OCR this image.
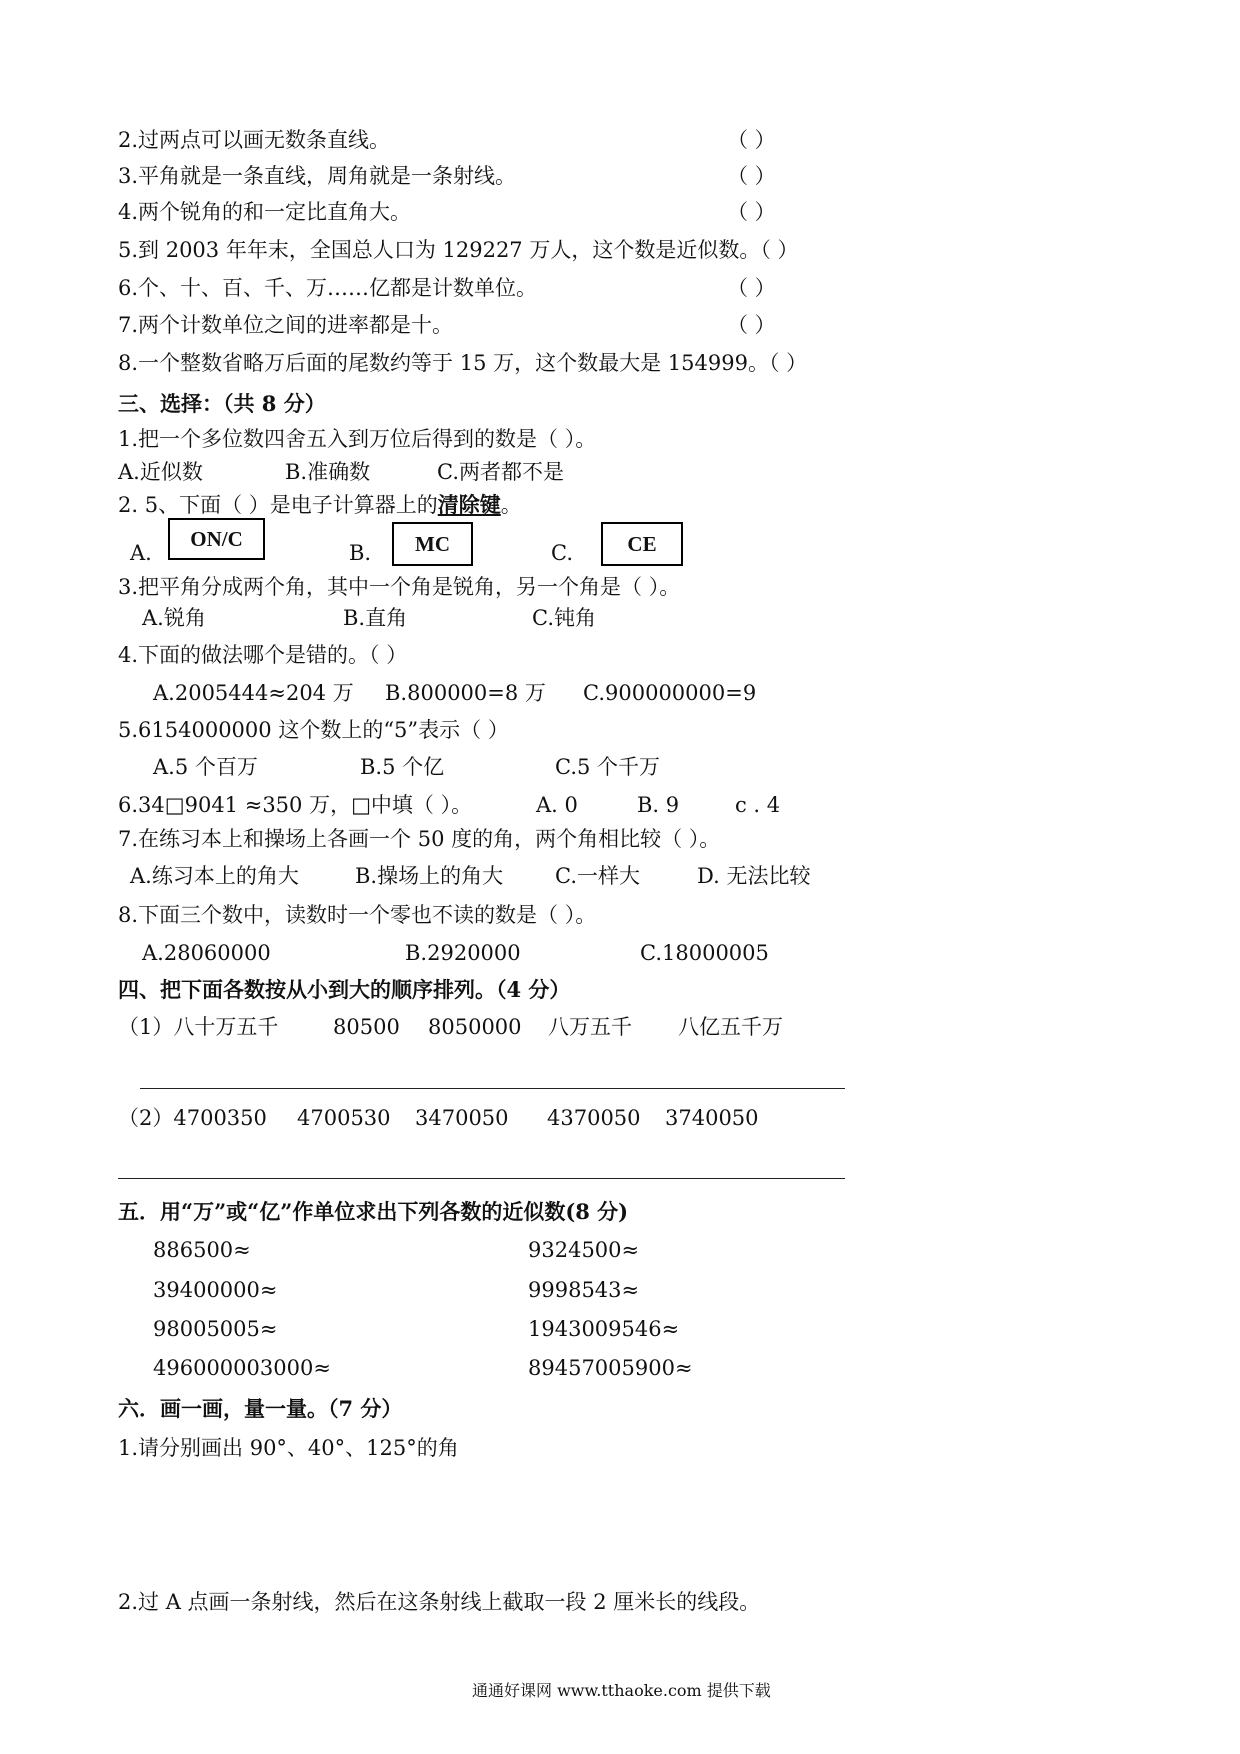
2.过两点可以画无数条直线。	（ ）
3.平角就是一条直线，周角就是一条射线。	（ ）
4.两个锐角的和一定比直角大。	（ ）
5.到 2003 年年末，全国总人口为 129227 万人，这个数是近似数。（ ）
6.个、十、百、千、万……亿都是计数单位。	（ ）
7.两个计数单位之间的进率都是十。	（ ）
8.一个整数省略万后面的尾数约等于 15 万，这个数最大是 154999。（ ）
三、选择：（共 8 分）
1.把一个多位数四舍五入到万位后得到的数是（ ）。
A.近似数	B.准确数	C.两者都不是
2. 5、下面（ ）是电子计算器上的清除键。
A.
ON/C
B.	MC	C.	CE
3.把平角分成两个角，其中一个角是锐角，另一个角是（ ）。
A.锐角	B.直角	C.钝角
4.下面的做法哪个是错的。（ ）
A.2005444≈204 万 B.800000=8 万 C.900000000=9
5.6154000000 这个数上的“5”表示（ ）
A.5 个百万	B.5 个亿	C.5 个千万
6.34□9041 ≈350 万，□中填（ ）。	A. 0	B. 9	c . 4
7.在练习本上和操场上各画一个 50 度的角，两个角相比较（ ）。
A.练习本上的角大	B.操场上的角大 C.一样大	D. 无法比较
8.下面三个数中，读数时一个零也不读的数是（ ）。
A.28060000	B.2920000	C.18000005
四、把下面各数按从小到大的顺序排列。（4 分）
（1）八十万五千	80500 8050000 八万五千 八亿五千万
（2）4700350 4700530 3470050 4370050 3740050
五．用“万”或“亿”作单位求出下列各数的近似数(8 分)
886500≈	9324500≈
39400000≈	9998543≈
98005005≈	1943009546≈
496000003000≈	89457005900≈
六．画一画，量一量。（7 分）
1.请分别画出 90°、40°、125°的角
2.过 A 点画一条射线，然后在这条射线上截取一段 2 厘米长的线段。
通通好课网 www.tthaoke.com 提供下载
